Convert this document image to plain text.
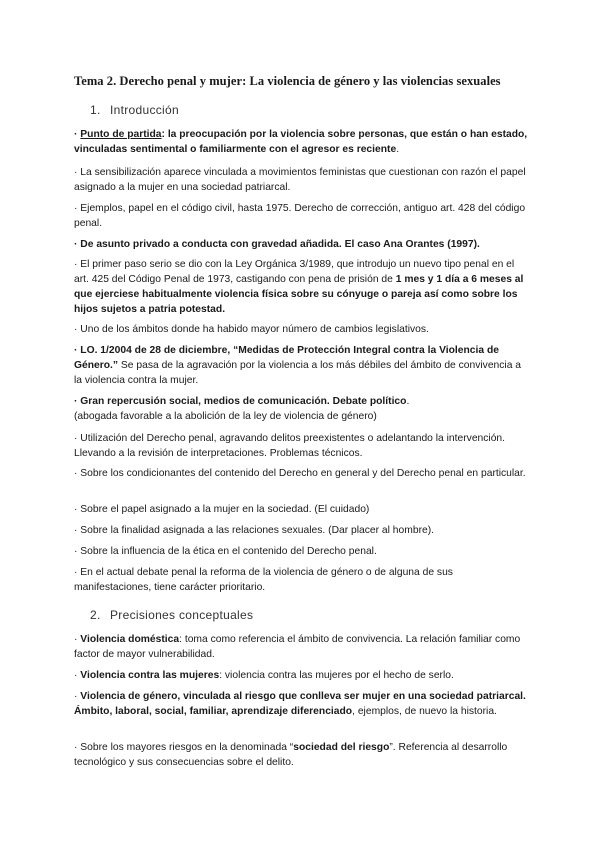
Tema 2. Derecho penal y mujer: La violencia de género y las violencias sexuales
1. Introducción
· Punto de partida: la preocupación por la violencia sobre personas, que están o han estado, vinculadas sentimental o familiarmente con el agresor es reciente.
· La sensibilización aparece vinculada a movimientos feministas que cuestionan con razón el papel asignado a la mujer en una sociedad patriarcal.
· Ejemplos, papel en el código civil, hasta 1975. Derecho de corrección, antiguo art. 428 del código penal.
· De asunto privado a conducta con gravedad añadida. El caso Ana Orantes (1997).
· El primer paso serio se dio con la Ley Orgánica 3/1989, que introdujo un nuevo tipo penal en el art. 425 del Código Penal de 1973, castigando con pena de prisión de 1 mes y 1 día a 6 meses al que ejerciese habitualmente violencia física sobre su cónyuge o pareja así como sobre los hijos sujetos a patria potestad.
· Uno de los ámbitos donde ha habido mayor número de cambios legislativos.
· LO. 1/2004 de 28 de diciembre, “Medidas de Protección Integral contra la Violencia de Género.” Se pasa de la agravación por la violencia a los más débiles del ámbito de convivencia a la violencia contra la mujer.
· Gran repercusión social, medios de comunicación. Debate político.
(abogada favorable a la abolición de la ley de violencia de género)
· Utilización del Derecho penal, agravando delitos preexistentes o adelantando la intervención. Llevando a la revisión de interpretaciones. Problemas técnicos.
· Sobre los condicionantes del contenido del Derecho en general y del Derecho penal en particular.
· Sobre el papel asignado a la mujer en la sociedad. (El cuidado)
· Sobre la finalidad asignada a las relaciones sexuales. (Dar placer al hombre).
· Sobre la influencia de la ética en el contenido del Derecho penal.
· En el actual debate penal la reforma de la violencia de género o de alguna de sus manifestaciones, tiene carácter prioritario.
2. Precisiones conceptuales
· Violencia doméstica: toma como referencia el ámbito de convivencia. La relación familiar como factor de mayor vulnerabilidad.
· Violencia contra las mujeres: violencia contra las mujeres por el hecho de serlo.
· Violencia de género, vinculada al riesgo que conlleva ser mujer en una sociedad patriarcal. Ámbito, laboral, social, familiar, aprendizaje diferenciado, ejemplos, de nuevo la historia.
· Sobre los mayores riesgos en la denominada “sociedad del riesgo”. Referencia al desarrollo tecnológico y sus consecuencias sobre el delito.
